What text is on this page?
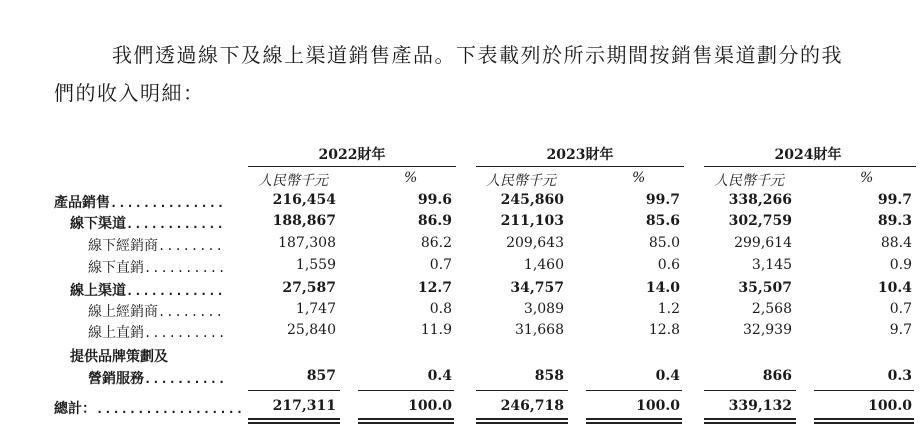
我們透過線下及線上渠道銷售產品。下表載列於所示期間按銷售渠道劃分的我
們的收入明細：
2022財年	2023財年	2024財年
人民幣千元	%	人民幣千元	%	人民幣千元	%
產品銷售..............	216,454	99.6	245,860	99.7	338,266	99.7
線下渠道............	188,867	86.9	211,103	85.6	302,759	89.3
線下經銷商........	187,308	86.2	209,643	85.0	299,614	88.4
線下直銷..........	1,559	0.7	1,460	0.6	3,145	0.9
線上渠道............	27,587	12.7	34,757	14.0	35,507	10.4
線上經銷商........	1,747	0.8	3,089	1.2	2,568	0.7
線上直銷..........	25,840	11.9	31,668	12.8	32,939	9.7
提供品牌策劃及
營銷服務..........	857	0.4	858	0.4	866	0.3
總計：..................	217,311	100.0	246,718	100.0	339,132	100.0
